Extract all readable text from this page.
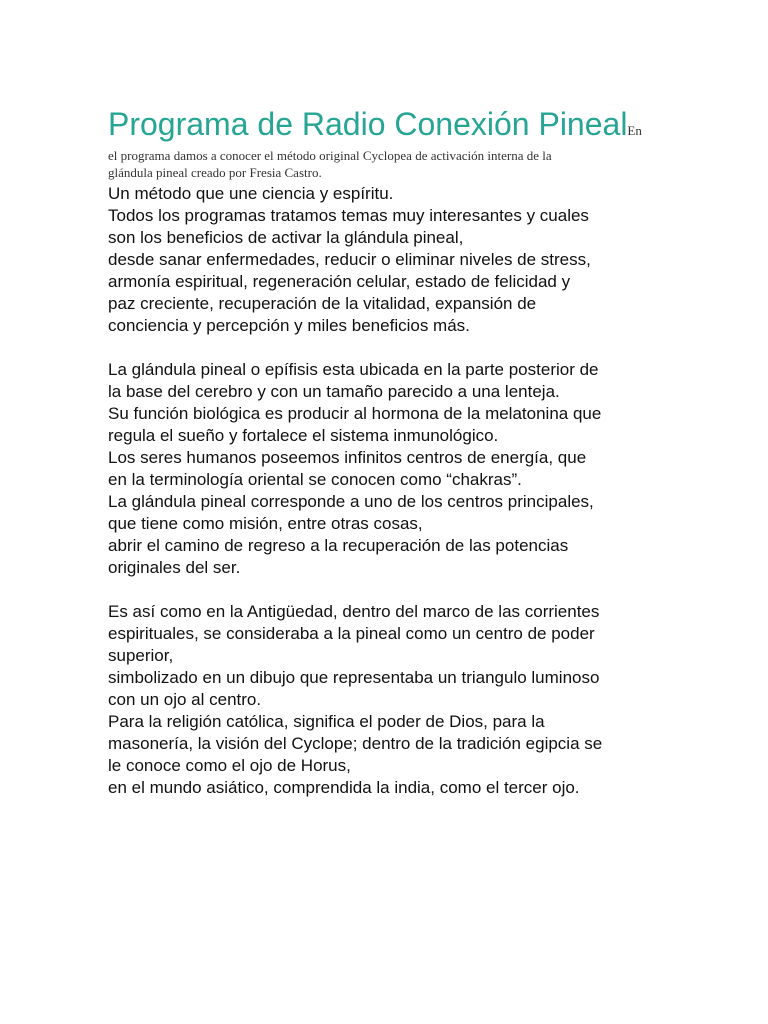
Programa de Radio Conexión PinealEn
el programa damos a conocer el método original Cyclopea de activación interna de la
glándula pineal creado por Fresia Castro.

Un método que une ciencia y espíritu.
Todos los programas tratamos temas muy interesantes y cuales
son los beneficios de activar la glándula pineal,
desde sanar enfermedades, reducir o eliminar niveles de stress,
armonía espiritual, regeneración celular, estado de felicidad y
paz creciente, recuperación de la vitalidad, expansión de
conciencia y percepción y miles beneficios más.

La glándula pineal o epífisis esta ubicada en la parte posterior de
la base del cerebro y con un tamaño parecido a una lenteja.
Su función biológica es producir al hormona de la melatonina que
regula el sueño y fortalece el sistema inmunológico.
Los seres humanos poseemos infinitos centros de energía, que
en la terminología oriental se conocen como “chakras”.
La glándula pineal corresponde a uno de los centros principales,
que tiene como misión, entre otras cosas,
abrir el camino de regreso a la recuperación de las potencias
originales del ser.

Es así como en la Antigüedad, dentro del marco de las corrientes
espirituales, se consideraba a la pineal como un centro de poder
superior,
simbolizado en un dibujo que representaba un triangulo luminoso
con un ojo al centro.
Para la religión católica, significa el poder de Dios, para la
masonería, la visión del Cyclope; dentro de la tradición egipcia se
le conoce como el ojo de Horus,
en el mundo asiático, comprendida la india, como el tercer ojo.
